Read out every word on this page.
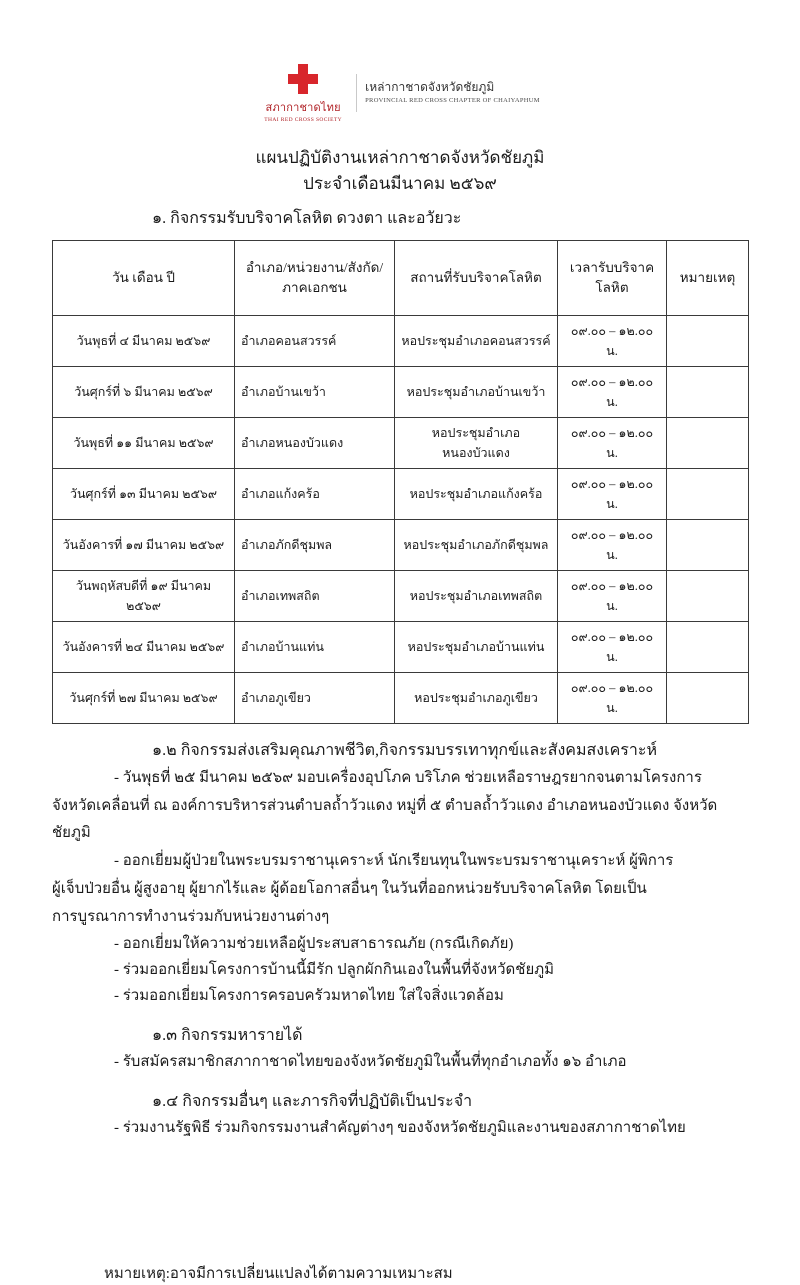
สภากาชาดไทย
THAI RED CROSS SOCIETY
เหล่ากาชาดจังหวัดชัยภูมิ
PROVINCIAL RED CROSS CHAPTER OF CHAIYAPHUM
แผนปฏิบัติงานเหล่ากาชาดจังหวัดชัยภูมิ
ประจำเดือนมีนาคม ๒๕๖๙
๑. กิจกรรมรับบริจาคโลหิต ดวงตา และอวัยวะ
วัน เดือน ปี	อำเภอ/หน่วยงาน/สังกัด/ภาคเอกชน	สถานที่รับบริจาคโลหิต	เวลารับบริจาคโลหิต	หมายเหตุ
วันพุธที่ ๔ มีนาคม ๒๕๖๙	อำเภอคอนสวรรค์	หอประชุมอำเภอคอนสวรรค์	๐๙.๐๐ – ๑๒.๐๐ น.	
วันศุกร์ที่ ๖ มีนาคม ๒๕๖๙	อำเภอบ้านเขว้า	หอประชุมอำเภอบ้านเขว้า	๐๙.๐๐ – ๑๒.๐๐ น.	
วันพุธที่ ๑๑ มีนาคม ๒๕๖๙	อำเภอหนองบัวแดง	หอประชุมอำเภอหนองบัวแดง	๐๙.๐๐ – ๑๒.๐๐ น.	
วันศุกร์ที่ ๑๓ มีนาคม ๒๕๖๙	อำเภอแก้งคร้อ	หอประชุมอำเภอแก้งคร้อ	๐๙.๐๐ – ๑๒.๐๐ น.	
วันอังคารที่ ๑๗ มีนาคม ๒๕๖๙	อำเภอภักดีชุมพล	หอประชุมอำเภอภักดีชุมพล	๐๙.๐๐ – ๑๒.๐๐ น.	
วันพฤหัสบดีที่ ๑๙ มีนาคม ๒๕๖๙	อำเภอเทพสถิต	หอประชุมอำเภอเทพสถิต	๐๙.๐๐ – ๑๒.๐๐ น.	
วันอังคารที่ ๒๔ มีนาคม ๒๕๖๙	อำเภอบ้านแท่น	หอประชุมอำเภอบ้านแท่น	๐๙.๐๐ – ๑๒.๐๐ น.	
วันศุกร์ที่ ๒๗ มีนาคม ๒๕๖๙	อำเภอภูเขียว	หอประชุมอำเภอภูเขียว	๐๙.๐๐ – ๑๒.๐๐ น.	
๑.๒ กิจกรรมส่งเสริมคุณภาพชีวิต,กิจกรรมบรรเทาทุกข์และสังคมสงเคราะห์
- วันพุธที่ ๒๕ มีนาคม ๒๕๖๙ มอบเครื่องอุปโภค บริโภค ช่วยเหลือราษฎรยากจนตามโครงการ
จังหวัดเคลื่อนที่ ณ องค์การบริหารส่วนตำบลถ้ำวัวแดง หมู่ที่ ๕ ตำบลถ้ำวัวแดง อำเภอหนองบัวแดง จังหวัดชัยภูมิ
- ออกเยี่ยมผู้ป่วยในพระบรมราชานุเคราะห์ นักเรียนทุนในพระบรมราชานุเคราะห์ ผู้พิการ
ผู้เจ็บป่วยอื่น ผู้สูงอายุ ผู้ยากไร้และ ผู้ด้อยโอกาสอื่นๆ ในวันที่ออกหน่วยรับบริจาคโลหิต โดยเป็น
การบูรณาการทำงานร่วมกับหน่วยงานต่างๆ
- ออกเยี่ยมให้ความช่วยเหลือผู้ประสบสาธารณภัย (กรณีเกิดภัย)
- ร่วมออกเยี่ยมโครงการบ้านนี้มีรัก ปลูกผักกินเองในพื้นที่จังหวัดชัยภูมิ
- ร่วมออกเยี่ยมโครงการครอบครัวมหาดไทย ใส่ใจสิ่งแวดล้อม
๑.๓ กิจกรรมหารายได้
- รับสมัครสมาชิกสภากาชาดไทยของจังหวัดชัยภูมิในพื้นที่ทุกอำเภอทั้ง ๑๖ อำเภอ
๑.๔ กิจกรรมอื่นๆ และภารกิจที่ปฏิบัติเป็นประจำ
- ร่วมงานรัฐพิธี ร่วมกิจกรรมงานสำคัญต่างๆ ของจังหวัดชัยภูมิและงานของสภากาชาดไทย
หมายเหตุ:อาจมีการเปลี่ยนแปลงได้ตามความเหมาะสม
